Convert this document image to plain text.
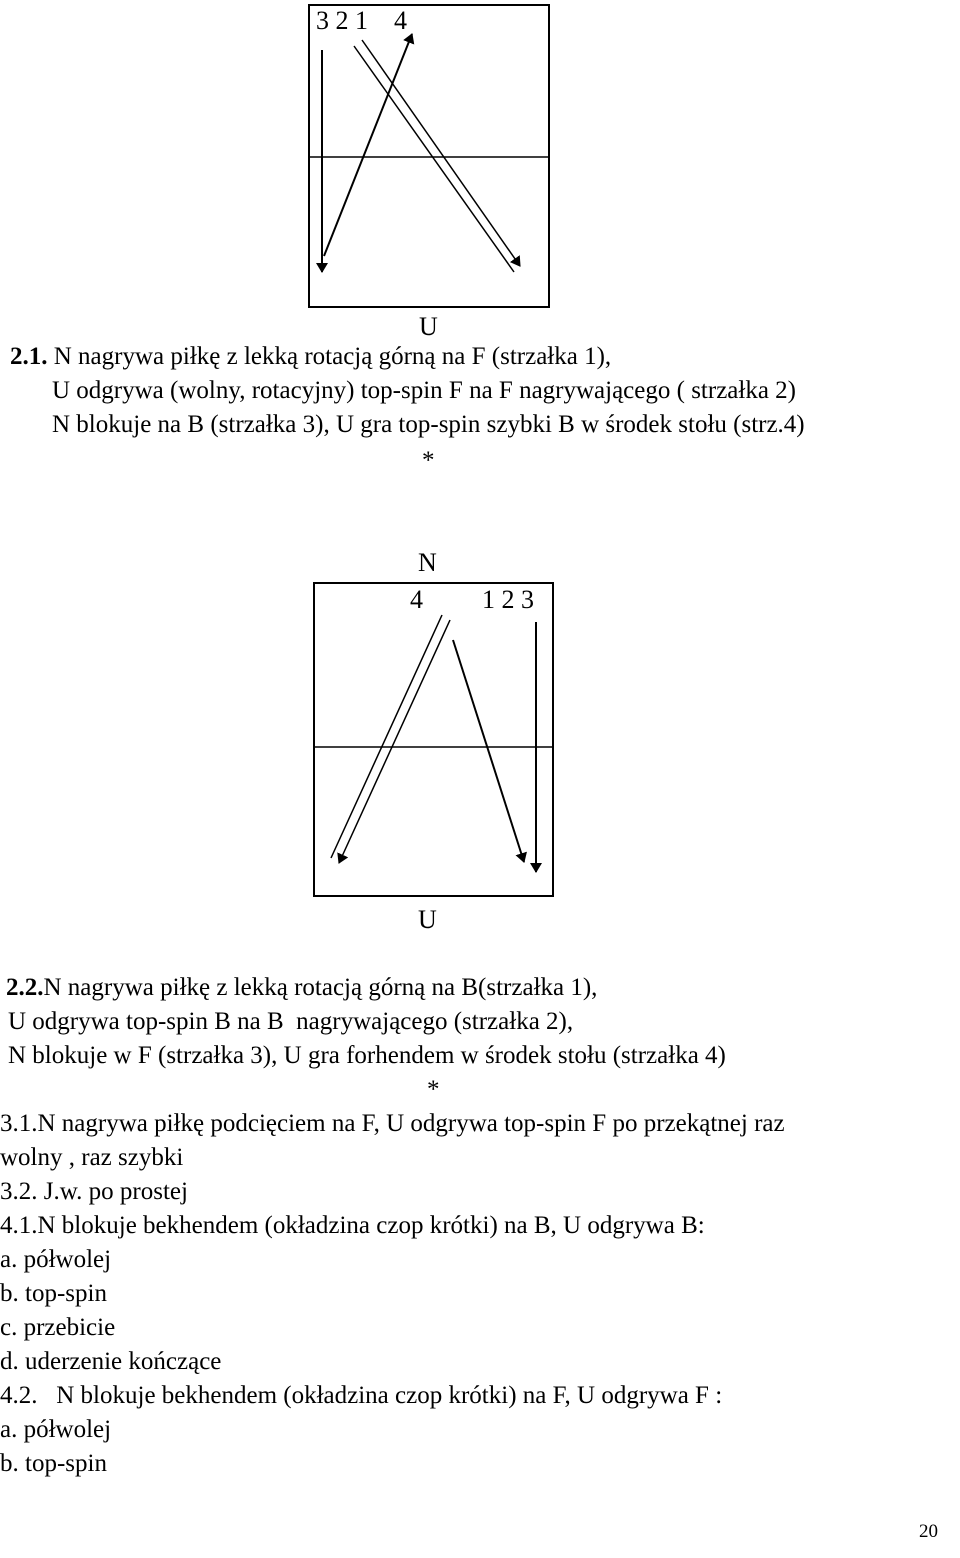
3 2 1    4
U
2.1. N nagrywa piłkę z lekką rotacją górną na F (strzałka 1),
U odgrywa (wolny, rotacyjny) top-spin F na F nagrywającego ( strzałka 2)
N blokuje na B (strzałka 3), U gra top-spin szybki B w środek stołu (strz.4)
*
N
4 1 2 3
U
2.2.N nagrywa piłkę z lekką rotacją górną na B(strzałka 1),
U odgrywa top-spin B na B  nagrywającego (strzałka 2),
N blokuje w F (strzałka 3), U gra forhendem w środek stołu (strzałka 4)
*
3.1.N nagrywa piłkę podcięciem na F, U odgrywa top-spin F po przekątnej raz
wolny , raz szybki
3.2. J.w. po prostej
4.1.N blokuje bekhendem (okładzina czop krótki) na B, U odgrywa B:
a. półwolej
b. top-spin
c. przebicie
d. uderzenie kończące
4.2.   N blokuje bekhendem (okładzina czop krótki) na F, U odgrywa F :
a. półwolej
b. top-spin
20
